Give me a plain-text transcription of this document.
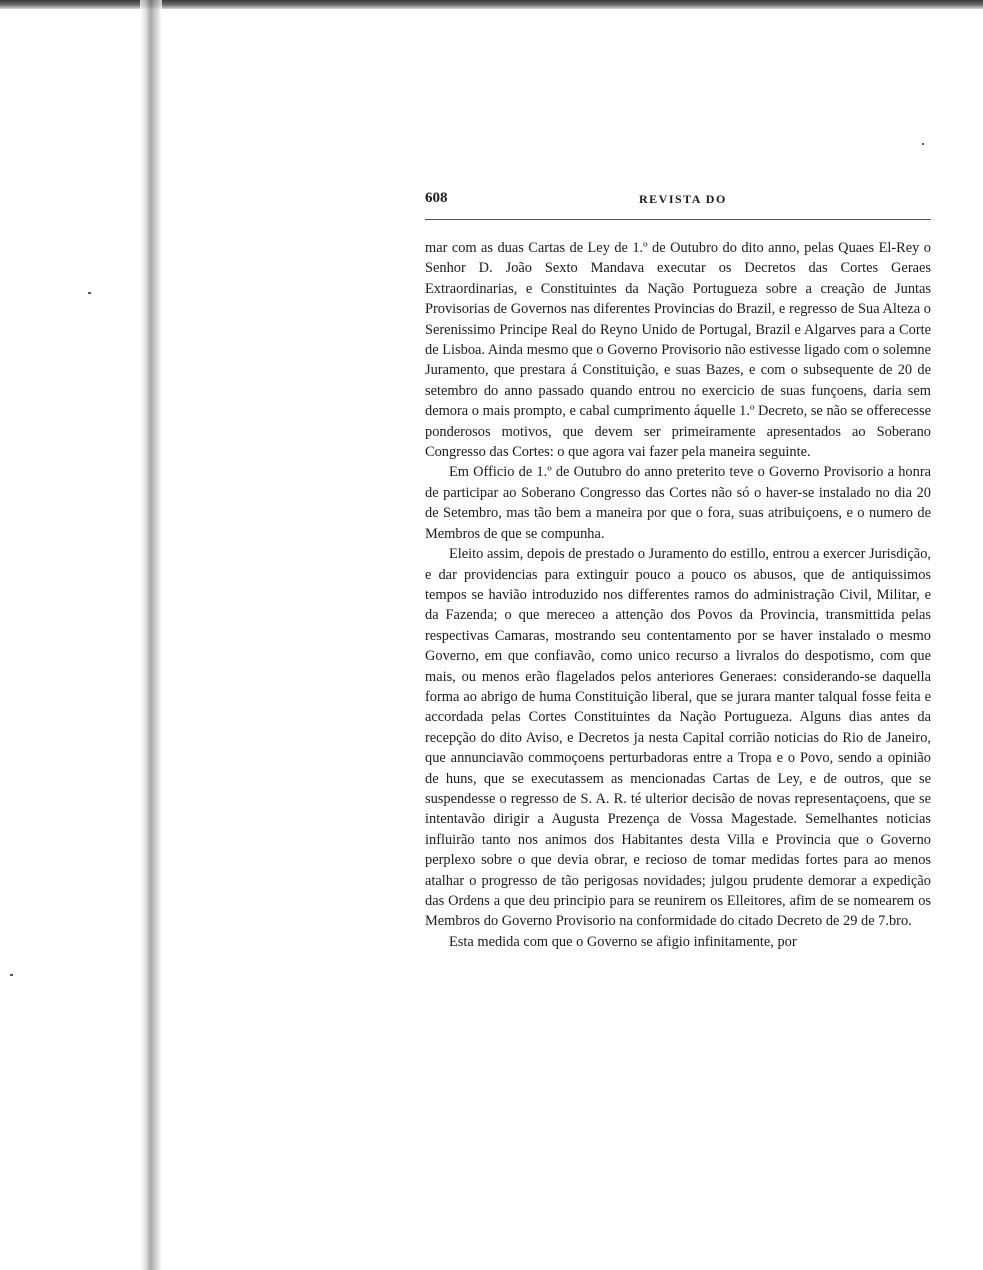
608	REVISTA DO

mar com as duas Cartas de Ley de 1.º de Outubro do dito anno, pelas Quaes El-Rey o Senhor D. João Sexto Mandava executar os Decretos das Cortes Geraes Extraordinarias, e Constituintes da Nação Portugueza sobre a creação de Juntas Provisorias de Governos nas diferentes Provincias do Brazil, e regresso de Sua Alteza o Serenissimo Principe Real do Reyno Unido de Portugal, Brazil e Algarves para a Corte de Lisboa. Ainda mesmo que o Governo Provisorio não estivesse ligado com o solemne Juramento, que prestara á Constituição, e suas Bazes, e com o subsequente de 20 de setembro do anno passado quando entrou no exercicio de suas funçoens, daria sem demora o mais prompto, e cabal cumprimento áquelle 1.º Decreto, se não se offerecesse ponderosos motivos, que devem ser primeiramente apresentados ao Soberano Congresso das Cortes: o que agora vai fazer pela maneira seguinte.

Em Officio de 1.º de Outubro do anno preterito teve o Governo Provisorio a honra de participar ao Soberano Congresso das Cortes não só o haver-se instalado no dia 20 de Setembro, mas tão bem a maneira por que o fora, suas atribuiçoens, e o numero de Membros de que se compunha.

Eleito assim, depois de prestado o Juramento do estillo, entrou a exercer Jurisdição, e dar providencias para extinguir pouco a pouco os abusos, que de antiquissimos tempos se havião introduzido nos differentes ramos do administração Civil, Militar, e da Fazenda; o que mereceo a attenção dos Povos da Provincia, transmittida pelas respectivas Camaras, mostrando seu contentamento por se haver instalado o mesmo Governo, em que confiavão, como unico recurso a livralos do despotismo, com que mais, ou menos erão flagelados pelos anteriores Generaes: considerando-se daquella forma ao abrigo de huma Constituição liberal, que se jurara manter talqual fosse feita e accordada pelas Cortes Constituintes da Nação Portugueza. Alguns dias antes da recepção do dito Aviso, e Decretos ja nesta Capital corrião noticias do Rio de Janeiro, que annunciavão commoçoens perturbadoras entre a Tropa e o Povo, sendo a opinião de huns, que se executassem as mencionadas Cartas de Ley, e de outros, que se suspendesse o regresso de S. A. R. té ulterior decisão de novas representaçoens, que se intentavão dirigir a Augusta Prezença de Vossa Magestade. Semelhantes noticias influirão tanto nos animos dos Habitantes desta Villa e Provincia que o Governo perplexo sobre o que devia obrar, e recioso de tomar medidas fortes para ao menos atalhar o progresso de tão perigosas novidades; julgou prudente demorar a expedição das Ordens a que deu principio para se reunirem os Elleitores, afim de se nomearem os Membros do Governo Provisorio na conformidade do citado Decreto de 29 de 7.bro.

Esta medida com que o Governo se afigio infinitamente, por
